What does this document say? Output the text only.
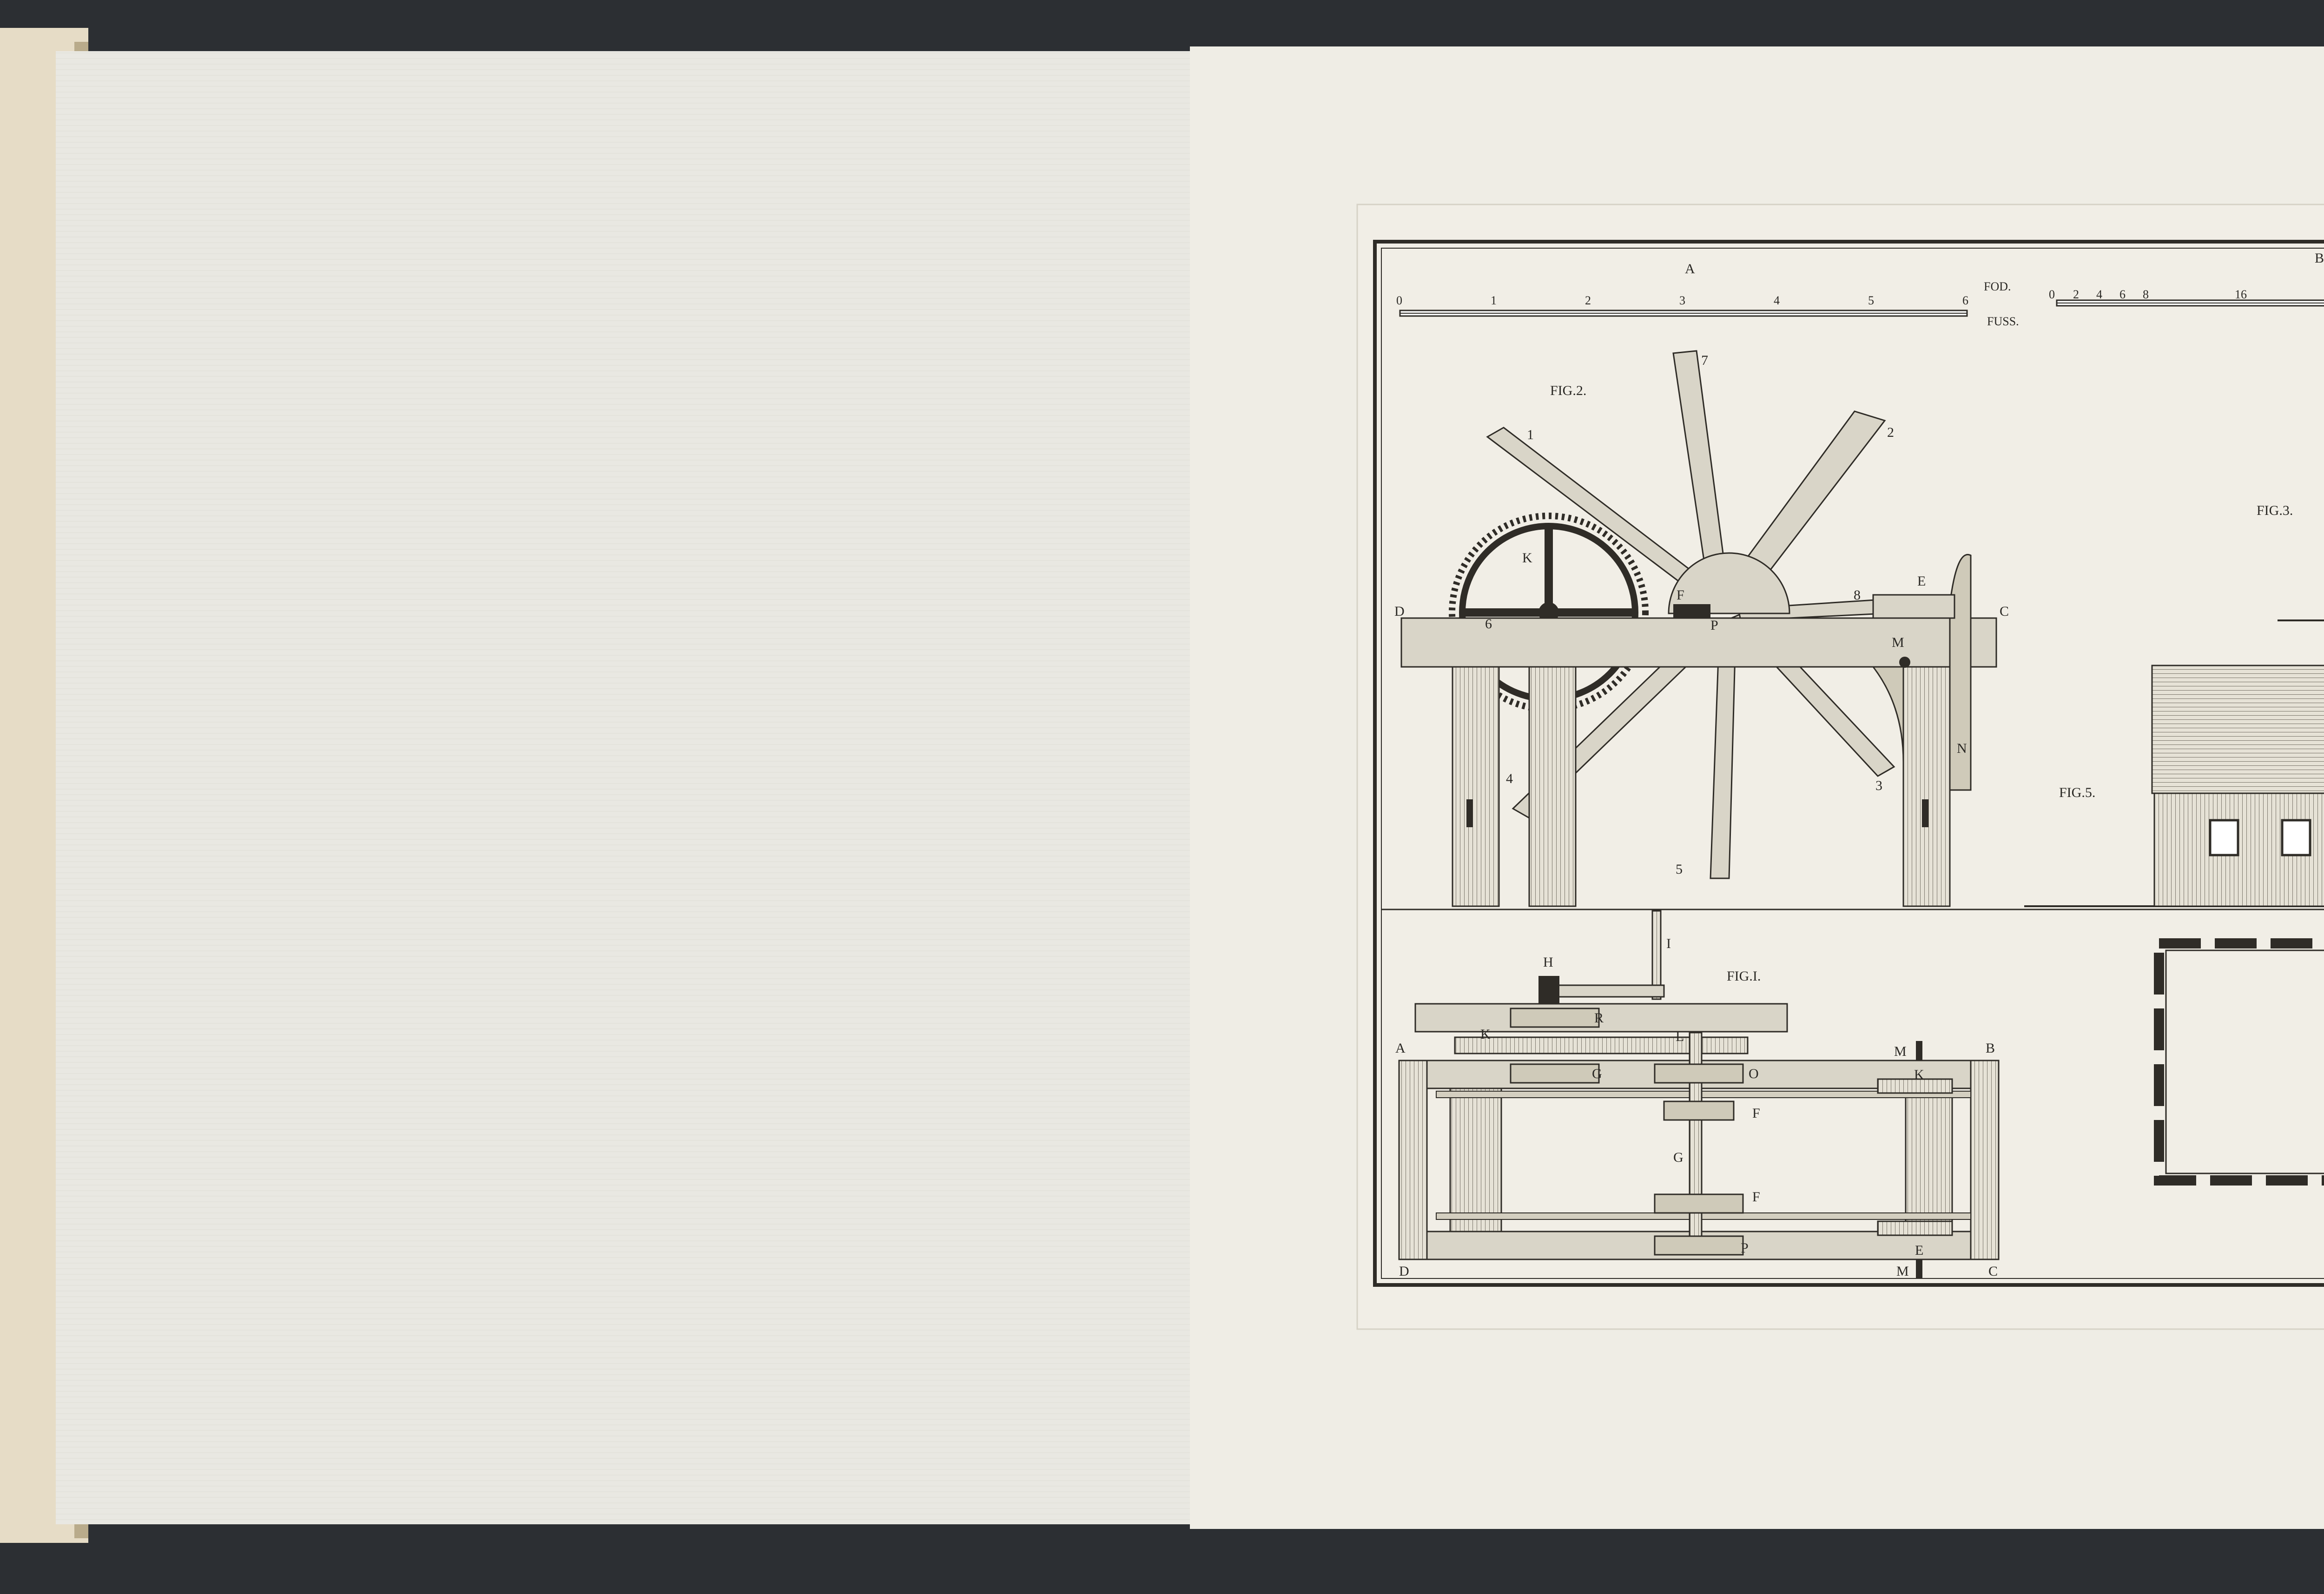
A
0	1	2	3	4	5	6
FOD.
FUSS.
B
0 2 4 6 8	16
FIG.2.
1	2
3
4
5
6
7
8
K
D	C
E
F
P
M
N
FIG.3.
FIG.5.
FIG.I.
H
I
K
R
L
A	B
M
K
G	O
F
G
F
D
E
P
M	C
